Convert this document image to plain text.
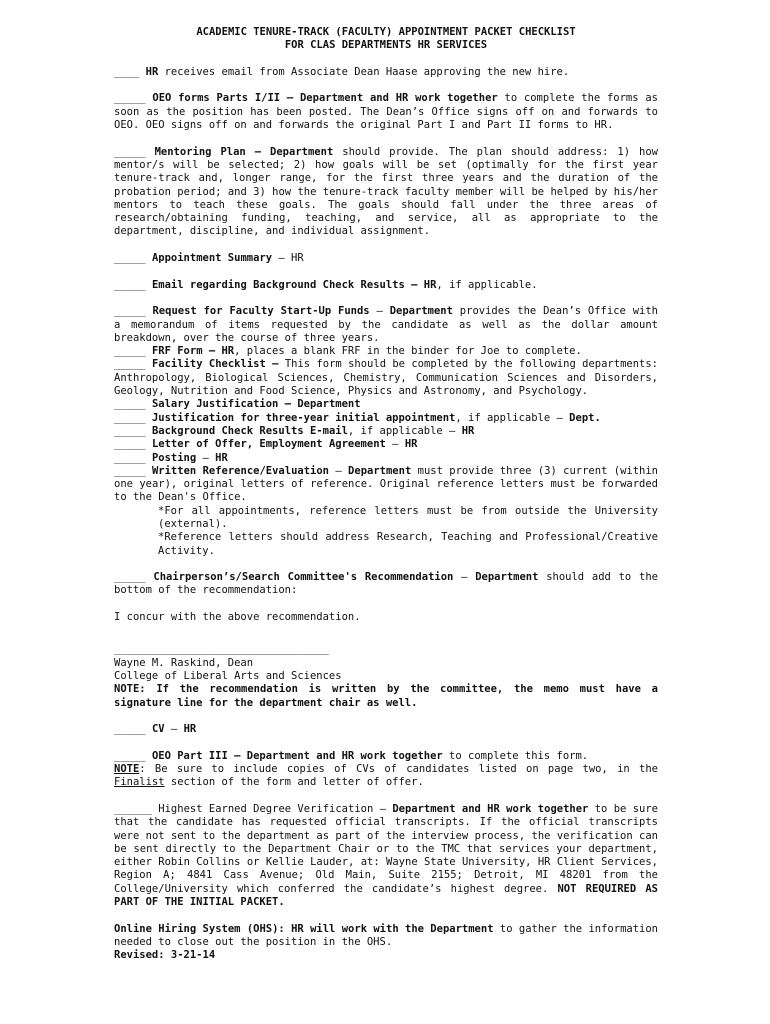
ACADEMIC TENURE-TRACK (FACULTY) APPOINTMENT PACKET CHECKLIST
FOR CLAS DEPARTMENTS HR SERVICES

____ HR receives email from Associate Dean Haase approving the new hire.

_____ OEO forms Parts I/II – Department and HR work together to complete the forms as soon as the position has been posted. The Dean’s Office signs off on and forwards to OEO. OEO signs off on and forwards the original Part I and Part II forms to HR.

_____ Mentoring Plan – Department should provide. The plan should address: 1) how mentor/s will be selected; 2) how goals will be set (optimally for the first year tenure-track and, longer range, for the first three years and the duration of the probation period; and 3) how the tenure-track faculty member will be helped by his/her mentors to teach these goals. The goals should fall under the three areas of research/obtaining funding, teaching, and service, all as appropriate to the department, discipline, and individual assignment.

_____ Appointment Summary – HR

_____ Email regarding Background Check Results – HR, if applicable.

_____ Request for Faculty Start-Up Funds – Department provides the Dean’s Office with a memorandum of items requested by the candidate as well as the dollar amount breakdown, over the course of three years.

_____ FRF Form – HR, places a blank FRF in the binder for Joe to complete.

_____ Facility Checklist – This form should be completed by the following departments: Anthropology, Biological Sciences, Chemistry, Communication Sciences and Disorders, Geology, Nutrition and Food Science, Physics and Astronomy, and Psychology.

_____ Salary Justification – Department

_____ Justification for three-year initial appointment, if applicable – Dept.

_____ Background Check Results E-mail, if applicable – HR

_____ Letter of Offer, Employment Agreement – HR

_____ Posting – HR

_____ Written Reference/Evaluation – Department must provide three (3) current (within one year), original letters of reference. Original reference letters must be forwarded to the Dean's Office.

*For all appointments, reference letters must be from outside the University (external).

*Reference letters should address Research, Teaching and Professional/Creative Activity.

_____ Chairperson’s/Search Committee's Recommendation – Department should add to the bottom of the recommendation:

I concur with the above recommendation.

__________________________________

Wayne M. Raskind, Dean

College of Liberal Arts and Sciences

NOTE: If the recommendation is written by the committee, the memo must have a signature line for the department chair as well.

_____ CV – HR

_____ OEO Part III – Department and HR work together to complete this form.

NOTE: Be sure to include copies of CVs of candidates listed on page two, in the Finalist section of the form and letter of offer.

______ Highest Earned Degree Verification – Department and HR work together to be sure that the candidate has requested official transcripts. If the official transcripts were not sent to the department as part of the interview process, the verification can be sent directly to the Department Chair or to the TMC that services your department, either Robin Collins or Kellie Lauder, at: Wayne State University, HR Client Services, Region A; 4841 Cass Avenue; Old Main, Suite 2155; Detroit, MI 48201 from the College/University which conferred the candidate’s highest degree. NOT REQUIRED AS PART OF THE INITIAL PACKET.

Online Hiring System (OHS): HR will work with the Department to gather the information needed to close out the position in the OHS.

Revised: 3-21-14
